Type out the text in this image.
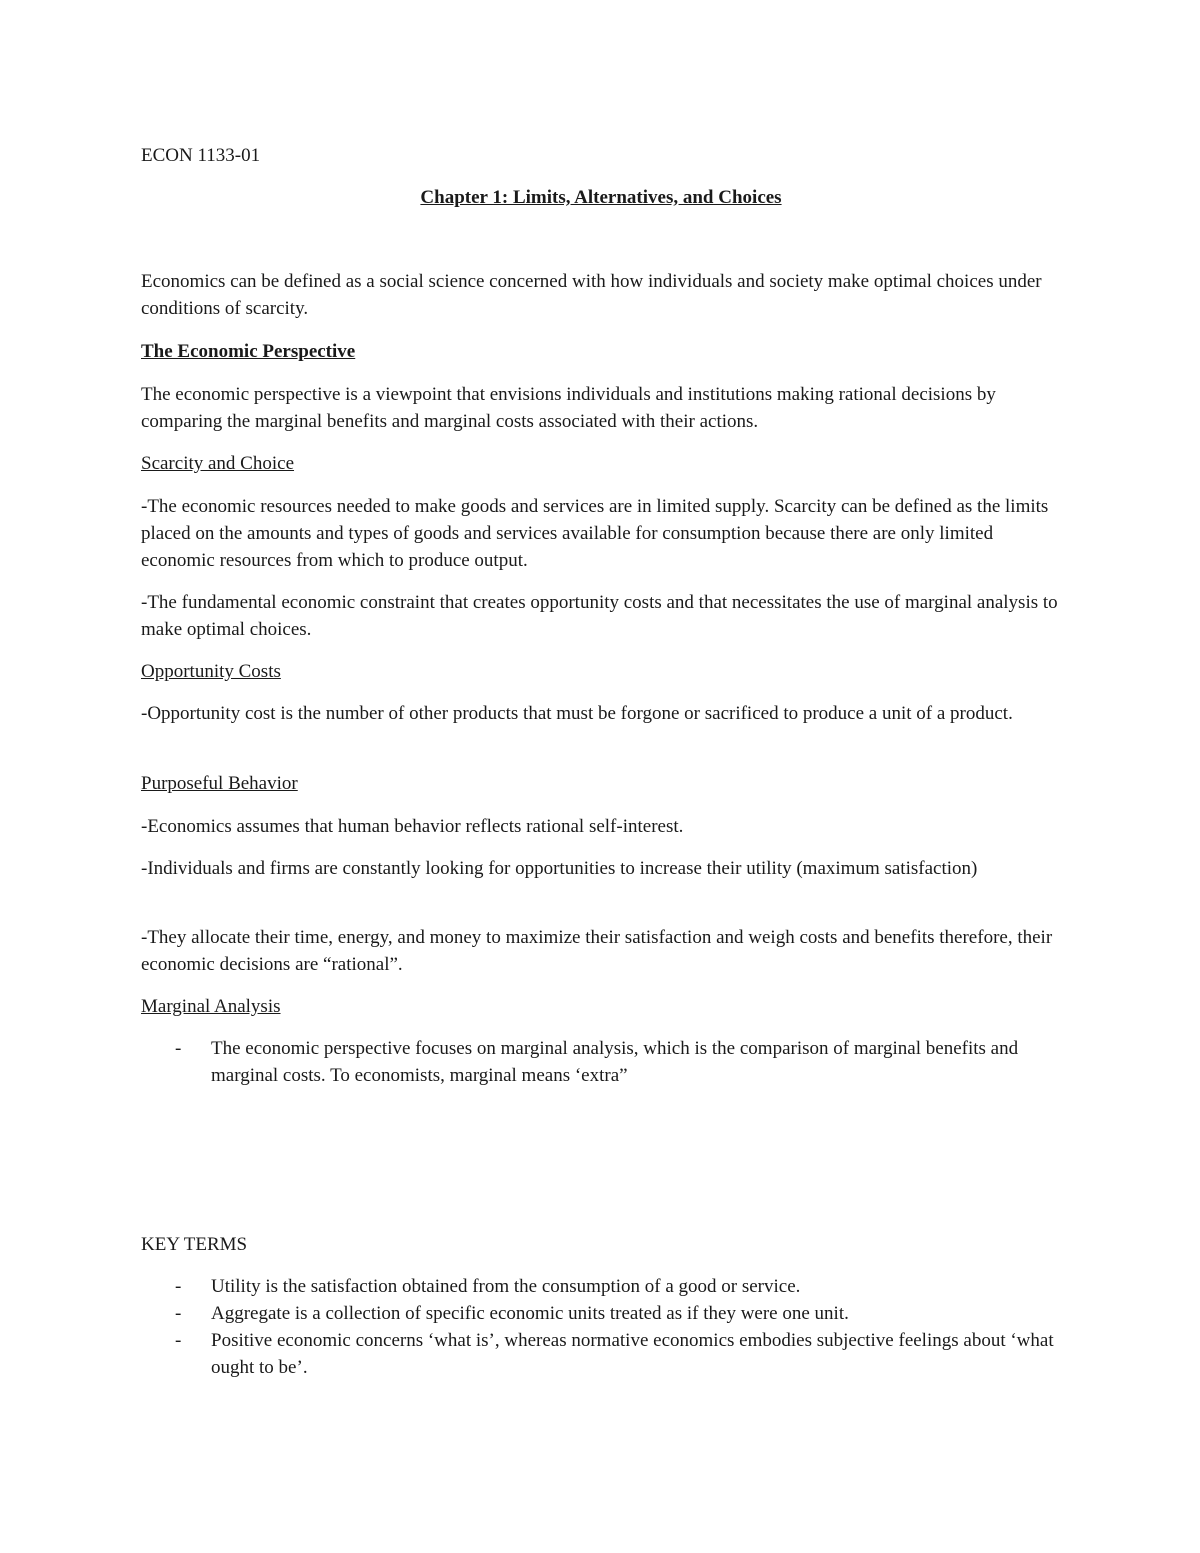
ECON 1133-01

Chapter 1: Limits, Alternatives, and Choices

Economics can be defined as a social science concerned with how individuals and society make optimal choices under conditions of scarcity.

The Economic Perspective

The economic perspective is a viewpoint that envisions individuals and institutions making rational decisions by comparing the marginal benefits and marginal costs associated with their actions.

Scarcity and Choice

-The economic resources needed to make goods and services are in limited supply. Scarcity can be defined as the limits placed on the amounts and types of goods and services available for consumption because there are only limited economic resources from which to produce output.

-The fundamental economic constraint that creates opportunity costs and that necessitates the use of marginal analysis to make optimal choices.

Opportunity Costs

-Opportunity cost is the number of other products that must be forgone or sacrificed to produce a unit of a product.

Purposeful Behavior

-Economics assumes that human behavior reflects rational self-interest.

-Individuals and firms are constantly looking for opportunities to increase their utility (maximum satisfaction)

-They allocate their time, energy, and money to maximize their satisfaction and weigh costs and benefits therefore, their economic decisions are “rational”.

Marginal Analysis

- The economic perspective focuses on marginal analysis, which is the comparison of marginal benefits and marginal costs. To economists, marginal means ‘extra”

KEY TERMS

- Utility is the satisfaction obtained from the consumption of a good or service.
- Aggregate is a collection of specific economic units treated as if they were one unit.
- Positive economic concerns ‘what is’, whereas normative economics embodies subjective feelings about ‘what ought to be’.
